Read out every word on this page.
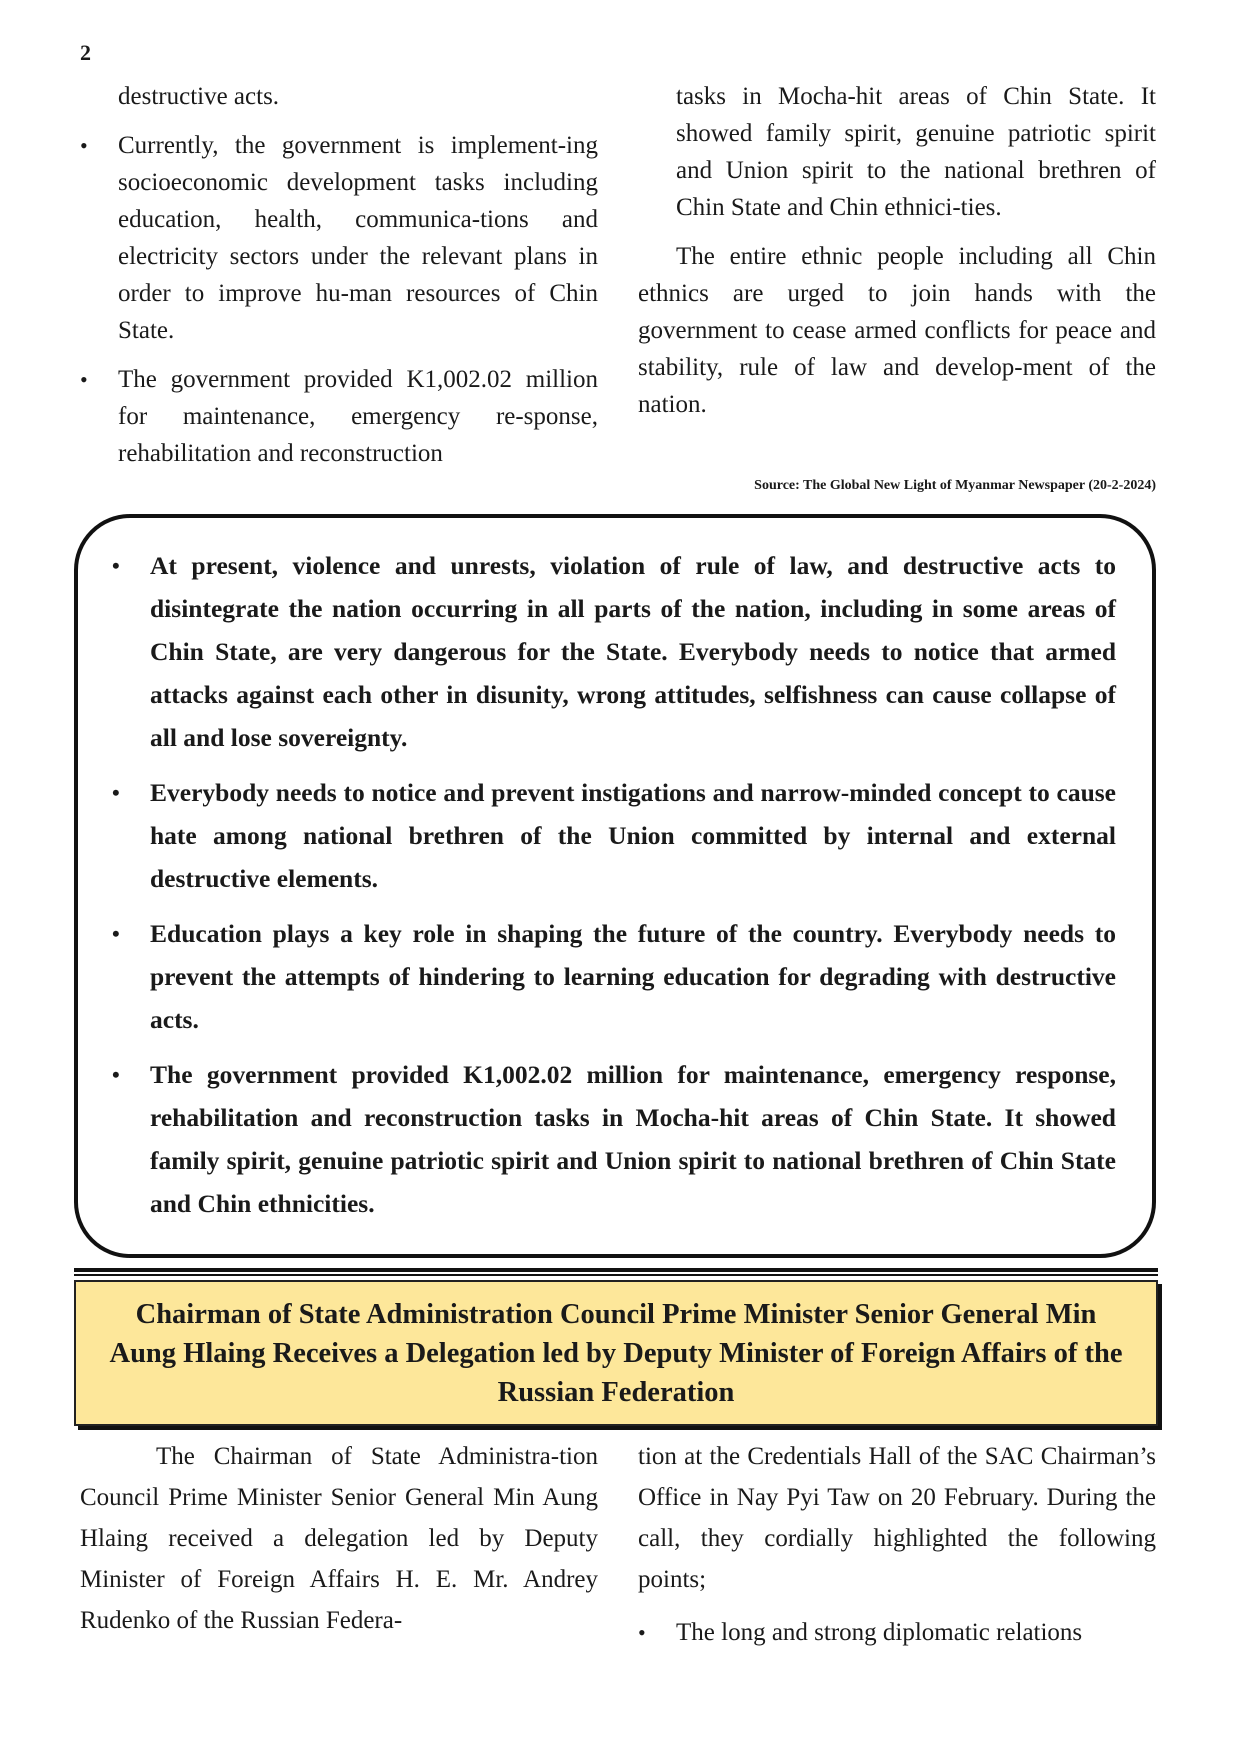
2

destructive acts.

• Currently, the government is implement-ing socioeconomic development tasks including education, health, communica-tions and electricity sectors under the relevant plans in order to improve hu-man resources of Chin State.
• The government provided K1,002.02 million for maintenance, emergency re-sponse, rehabilitation and reconstruction

tasks in Mocha-hit areas of Chin State. It showed family spirit, genuine patriotic spirit and Union spirit to the national brethren of Chin State and Chin ethnici-ties.

The entire ethnic people including all Chin ethnics are urged to join hands with the government to cease armed conflicts for peace and stability, rule of law and develop-ment of the nation.

Source: The Global New Light of Myanmar Newspaper (20-2-2024)
• At present, violence and unrests, violation of rule of law, and destructive acts to disintegrate the nation occurring in all parts of the nation, including in some areas of Chin State, are very dangerous for the State. Everybody needs to notice that armed attacks against each other in disunity, wrong attitudes, selfishness can cause collapse of all and lose sovereignty.
• Everybody needs to notice and prevent instigations and narrow-minded concept to cause hate among national brethren of the Union committed by internal and external destructive elements.
• Education plays a key role in shaping the future of the country. Everybody needs to prevent the attempts of hindering to learning education for degrading with destructive acts.
• The government provided K1,002.02 million for maintenance, emergency response, rehabilitation and reconstruction tasks in Mocha-hit areas of Chin State. It showed family spirit, genuine patriotic spirit and Union spirit to national brethren of Chin State and Chin ethnicities.
Chairman of State Administration Council Prime Minister Senior General Min Aung Hlaing Receives a Delegation led by Deputy Minister of Foreign Affairs of the Russian Federation

The Chairman of State Administra-tion Council Prime Minister Senior General Min Aung Hlaing received a delegation led by Deputy Minister of Foreign Affairs H. E. Mr. Andrey Rudenko of the Russian Federa-

tion at the Credentials Hall of the SAC Chairman’s Office in Nay Pyi Taw on 20 February. During the call, they cordially highlighted the following points;

• The long and strong diplomatic relations
